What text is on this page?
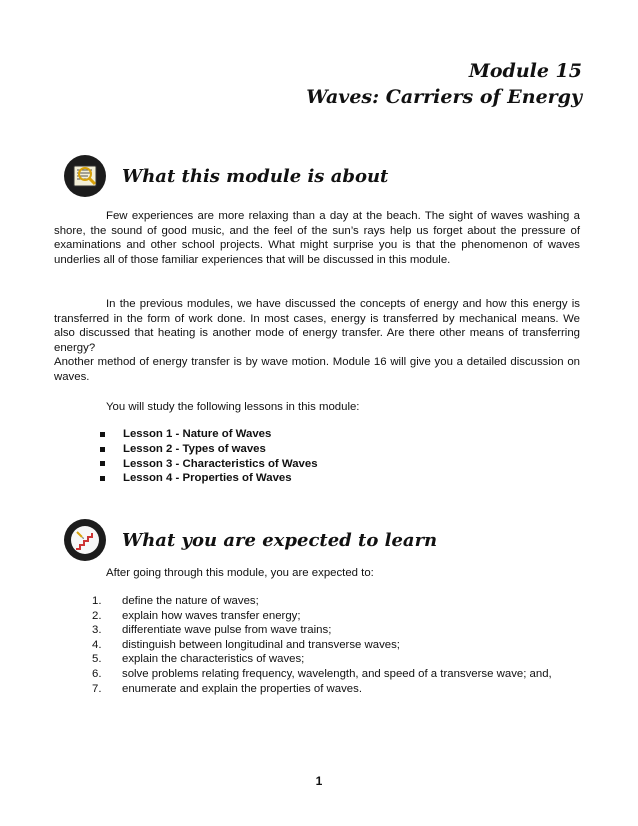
Module 15
Waves: Carriers of Energy
What this module is about

Few experiences are more relaxing than a day at the beach. The sight of waves washing a shore, the sound of good music, and the feel of the sun’s rays help us forget about the pressure of examinations and other school projects. What might surprise you is that the phenomenon of waves underlies all of those familiar experiences that will be discussed in this module.

In the previous modules, we have discussed the concepts of energy and how this energy is transferred in the form of work done. In most cases, energy is transferred by mechanical means. We also discussed that heating is another mode of energy transfer. Are there other means of transferring energy?

Another method of energy transfer is by wave motion. Module 16 will give you a detailed discussion on waves.

You will study the following lessons in this module:

Lesson 1 - Nature of Waves
Lesson 2 - Types of waves
Lesson 3 - Characteristics of Waves
Lesson 4 - Properties of Waves
What you are expected to learn

After going through this module, you are expected to:

1.	define the nature of waves;
2.	explain how waves transfer energy;
3.	differentiate wave pulse from wave trains;
4.	distinguish between longitudinal and transverse waves;
5.	explain the characteristics of waves;
6.	solve problems relating frequency, wavelength, and speed of a transverse wave; and,
7.	enumerate and explain the properties of waves.
1
